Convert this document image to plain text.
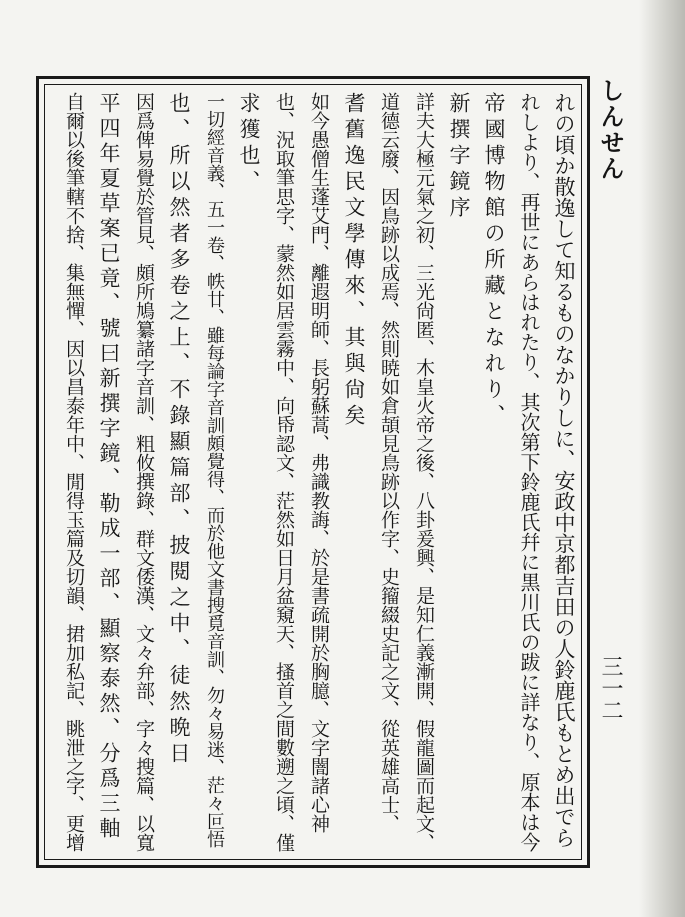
しんせん
三一二
れの頃か散逸して知るものなかりしに、安政中京都吉田の人鈴鹿氏もとめ出でら
れしより、再世にあらはれたり、其次第下鈴鹿氏幷に黒川氏の跋に詳なり、原本は今
帝國博物館の所藏となれり、
新撰字鏡序
詳夫大極元氣之初、三光尙匿、木皇火帝之後、八卦爰興、是知仁義漸開、假龍圖而起文、
道德云廢、因鳥跡以成焉、然則暁如倉頡見鳥跡以作字、史籀綴史記之文、從英雄高士、
耆舊逸民文學傳來、其與尙矣
如今愚僧生蓬艾門、離遐明師、長躬蘇蒿、弗識教誨、於是書疏開於胸臆、文字闇諸心神
也、況取筆思字、蒙然如居雲霧中、向帋認文、茫然如日月盆窺天、搔首之間數遡之頃、僅
求獲也、
一切經音義、五一卷、帙廿、雖每論字音訓頗覺得、而於他文書搜覓音訓、勿々易迷、茫々叵悟
也、所以然者多卷之上、不錄顯篇部、披閱之中、徒然晩日
因爲俾易覺於管見、頗所鳩纂諸字音訓、粗攸撰錄、群文倭漢、文々弁部、字々搜篇、以寬
平四年夏草案已竟、號曰新撰字鏡、勒成一部、顯察泰然、分爲三軸
自爾以後筆轄不捨、集無憚、因以昌泰年中、閒得玉篇及切韻、捃加私記、眺泄之字、更增
